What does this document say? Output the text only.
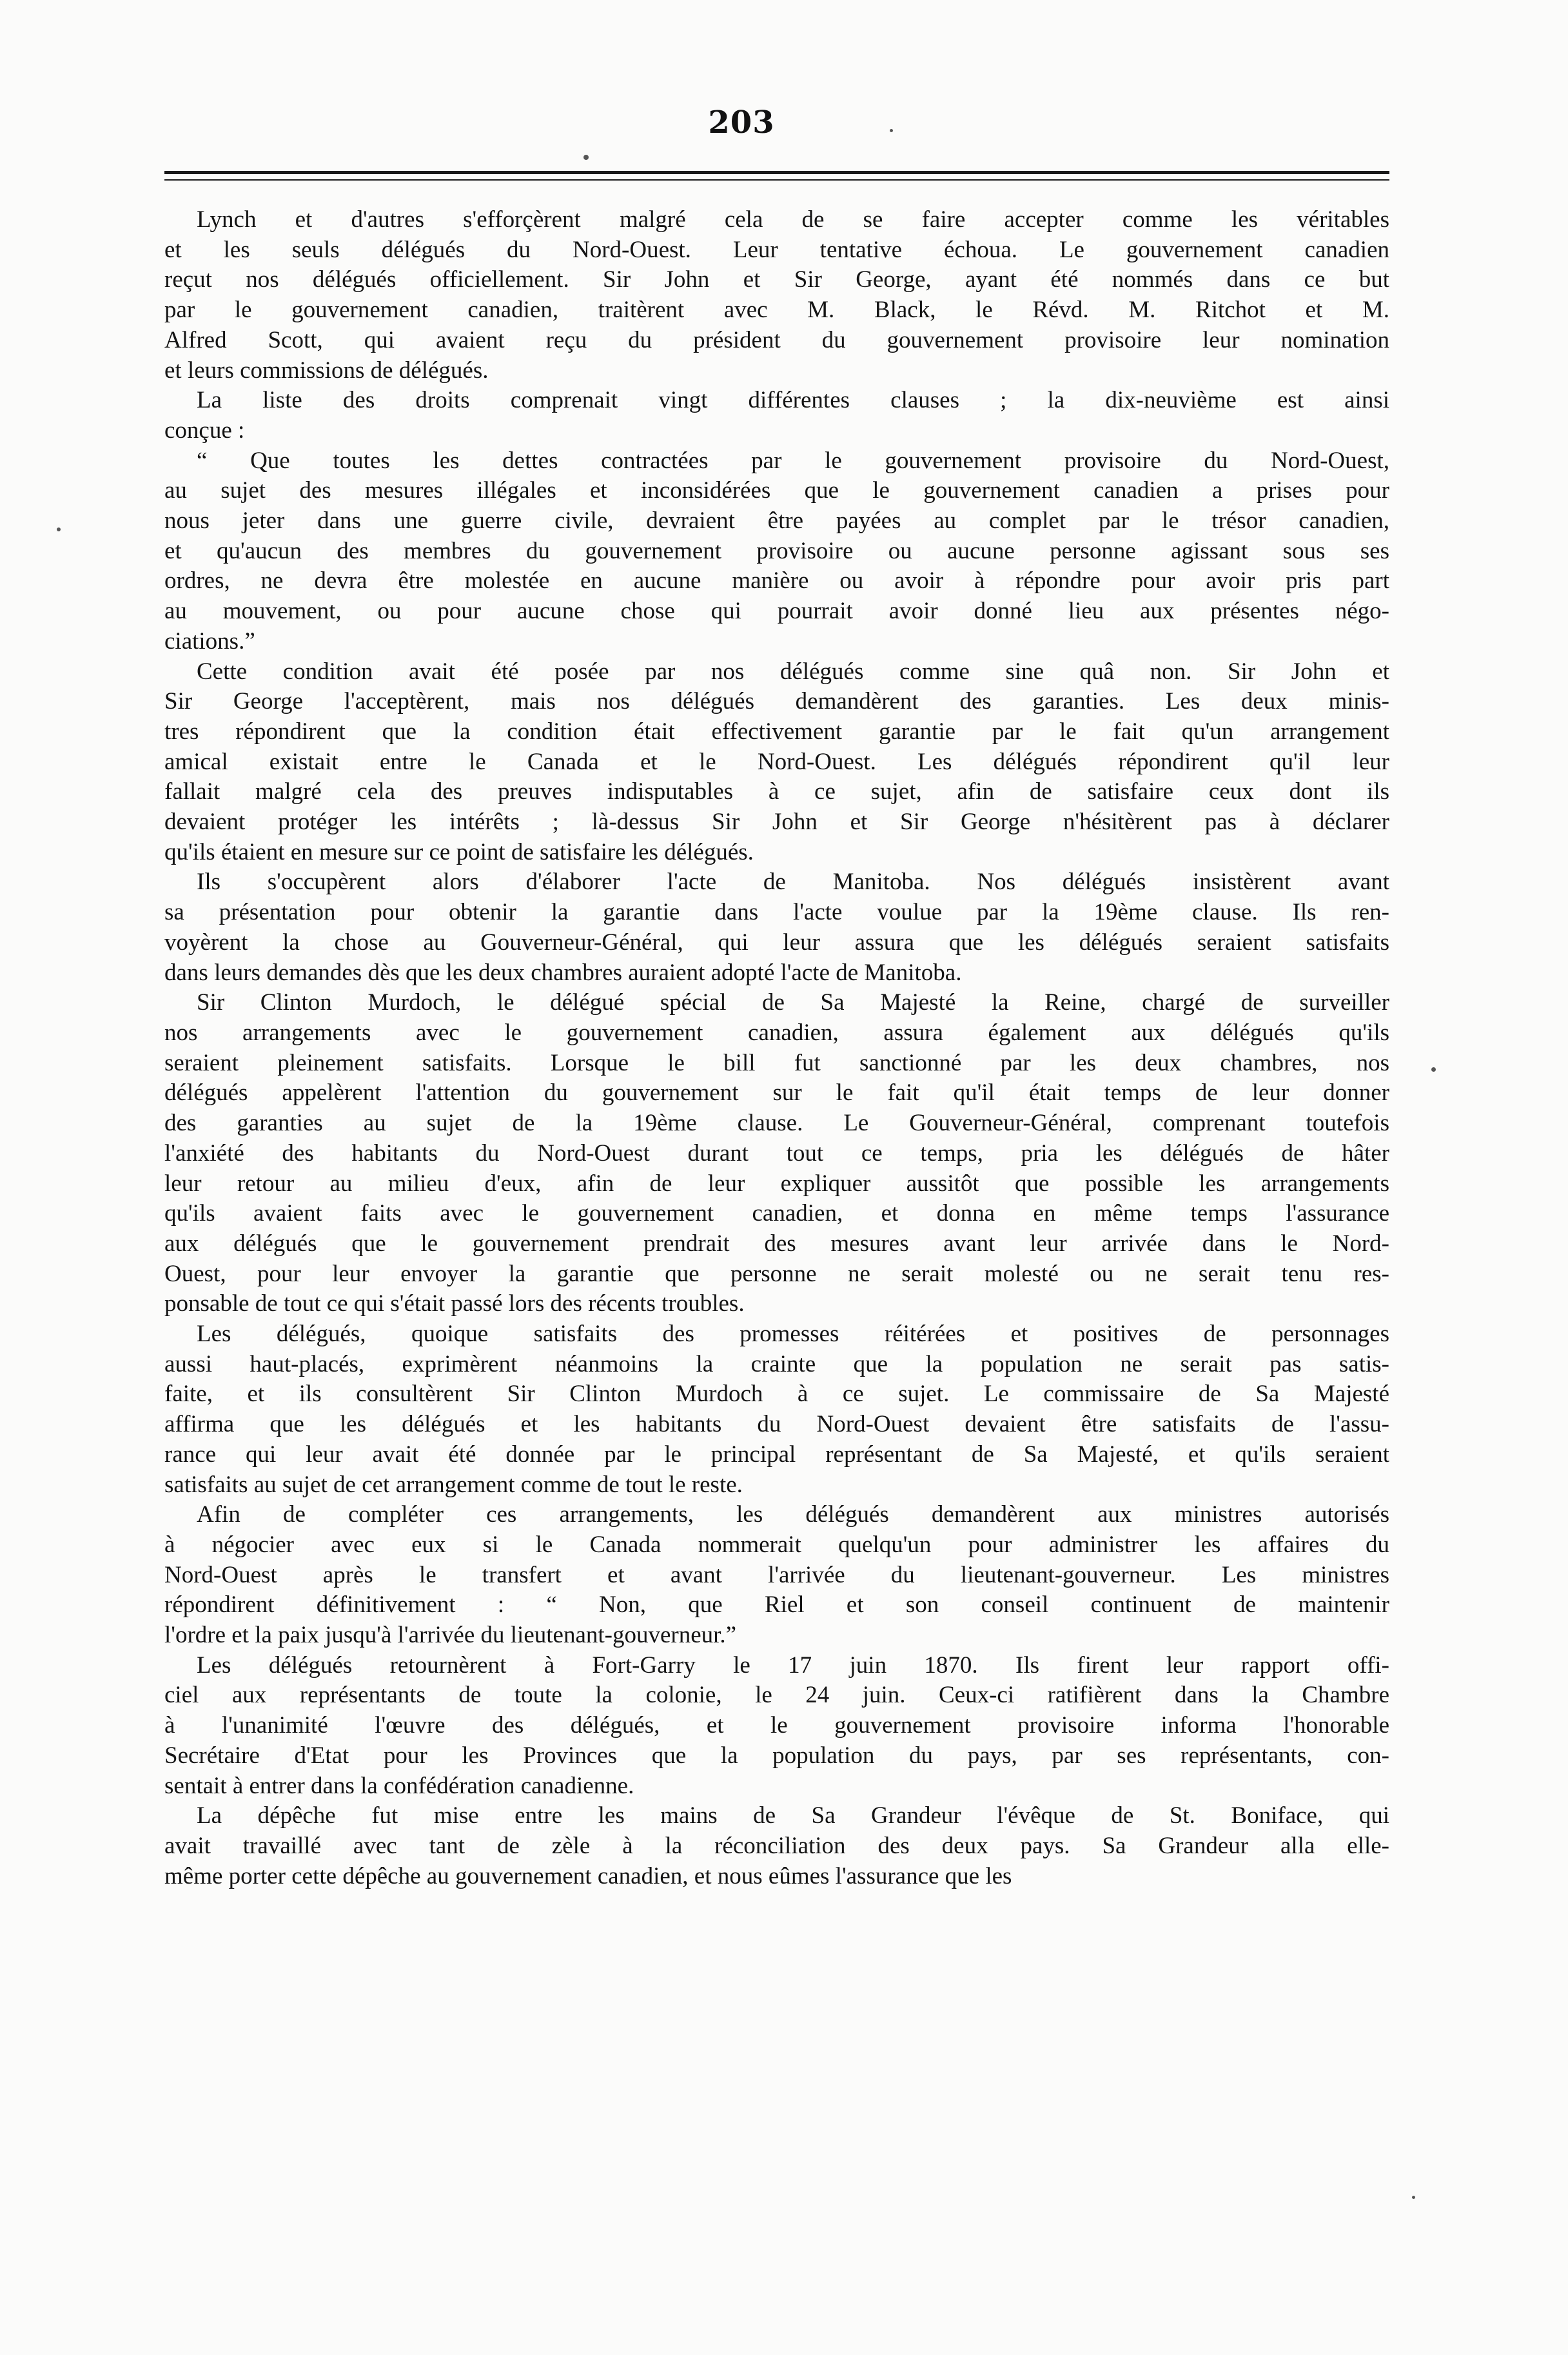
203
Lynch et d'autres s'efforçèrent malgré cela de se faire accepter comme les véritables
et les seuls délégués du Nord-Ouest. Leur tentative échoua. Le gouvernement canadien
reçut nos délégués officiellement. Sir John et Sir George, ayant été nommés dans ce but
par le gouvernement canadien, traitèrent avec M. Black, le Révd. M. Ritchot et M.
Alfred Scott, qui avaient reçu du président du gouvernement provisoire leur nomination
et leurs commissions de délégués.
La liste des droits comprenait vingt différentes clauses ; la dix-neuvième est ainsi
conçue :
“ Que toutes les dettes contractées par le gouvernement provisoire du Nord-Ouest,
au sujet des mesures illégales et inconsidérées que le gouvernement canadien a prises pour
nous jeter dans une guerre civile, devraient être payées au complet par le trésor canadien,
et qu'aucun des membres du gouvernement provisoire ou aucune personne agissant sous ses
ordres, ne devra être molestée en aucune manière ou avoir à répondre pour avoir pris part
au mouvement, ou pour aucune chose qui pourrait avoir donné lieu aux présentes négo-
ciations.”
Cette condition avait été posée par nos délégués comme sine quâ non. Sir John et
Sir George l'acceptèrent, mais nos délégués demandèrent des garanties. Les deux minis-
tres répondirent que la condition était effectivement garantie par le fait qu'un arrangement
amical existait entre le Canada et le Nord-Ouest. Les délégués répondirent qu'il leur
fallait malgré cela des preuves indisputables à ce sujet, afin de satisfaire ceux dont ils
devaient protéger les intérêts ; là-dessus Sir John et Sir George n'hésitèrent pas à déclarer
qu'ils étaient en mesure sur ce point de satisfaire les délégués.
Ils s'occupèrent alors d'élaborer l'acte de Manitoba. Nos délégués insistèrent avant
sa présentation pour obtenir la garantie dans l'acte voulue par la 19ème clause. Ils ren-
voyèrent la chose au Gouverneur-Général, qui leur assura que les délégués seraient satisfaits
dans leurs demandes dès que les deux chambres auraient adopté l'acte de Manitoba.
Sir Clinton Murdoch, le délégué spécial de Sa Majesté la Reine, chargé de surveiller
nos arrangements avec le gouvernement canadien, assura également aux délégués qu'ils
seraient pleinement satisfaits. Lorsque le bill fut sanctionné par les deux chambres, nos
délégués appelèrent l'attention du gouvernement sur le fait qu'il était temps de leur donner
des garanties au sujet de la 19ème clause. Le Gouverneur-Général, comprenant toutefois
l'anxiété des habitants du Nord-Ouest durant tout ce temps, pria les délégués de hâter
leur retour au milieu d'eux, afin de leur expliquer aussitôt que possible les arrangements
qu'ils avaient faits avec le gouvernement canadien, et donna en même temps l'assurance
aux délégués que le gouvernement prendrait des mesures avant leur arrivée dans le Nord-
Ouest, pour leur envoyer la garantie que personne ne serait molesté ou ne serait tenu res-
ponsable de tout ce qui s'était passé lors des récents troubles.
Les délégués, quoique satisfaits des promesses réitérées et positives de personnages
aussi haut-placés, exprimèrent néanmoins la crainte que la population ne serait pas satis-
faite, et ils consultèrent Sir Clinton Murdoch à ce sujet. Le commissaire de Sa Majesté
affirma que les délégués et les habitants du Nord-Ouest devaient être satisfaits de l'assu-
rance qui leur avait été donnée par le principal représentant de Sa Majesté, et qu'ils seraient
satisfaits au sujet de cet arrangement comme de tout le reste.
Afin de compléter ces arrangements, les délégués demandèrent aux ministres autorisés
à négocier avec eux si le Canada nommerait quelqu'un pour administrer les affaires du
Nord-Ouest après le transfert et avant l'arrivée du lieutenant-gouverneur. Les ministres
répondirent définitivement : “ Non, que Riel et son conseil continuent de maintenir
l'ordre et la paix jusqu'à l'arrivée du lieutenant-gouverneur.”
Les délégués retournèrent à Fort-Garry le 17 juin 1870. Ils firent leur rapport offi-
ciel aux représentants de toute la colonie, le 24 juin. Ceux-ci ratifièrent dans la Chambre
à l'unanimité l'œuvre des délégués, et le gouvernement provisoire informa l'honorable
Secrétaire d'Etat pour les Provinces que la population du pays, par ses représentants, con-
sentait à entrer dans la confédération canadienne.
La dépêche fut mise entre les mains de Sa Grandeur l'évêque de St. Boniface, qui
avait travaillé avec tant de zèle à la réconciliation des deux pays. Sa Grandeur alla elle-
même porter cette dépêche au gouvernement canadien, et nous eûmes l'assurance que les
